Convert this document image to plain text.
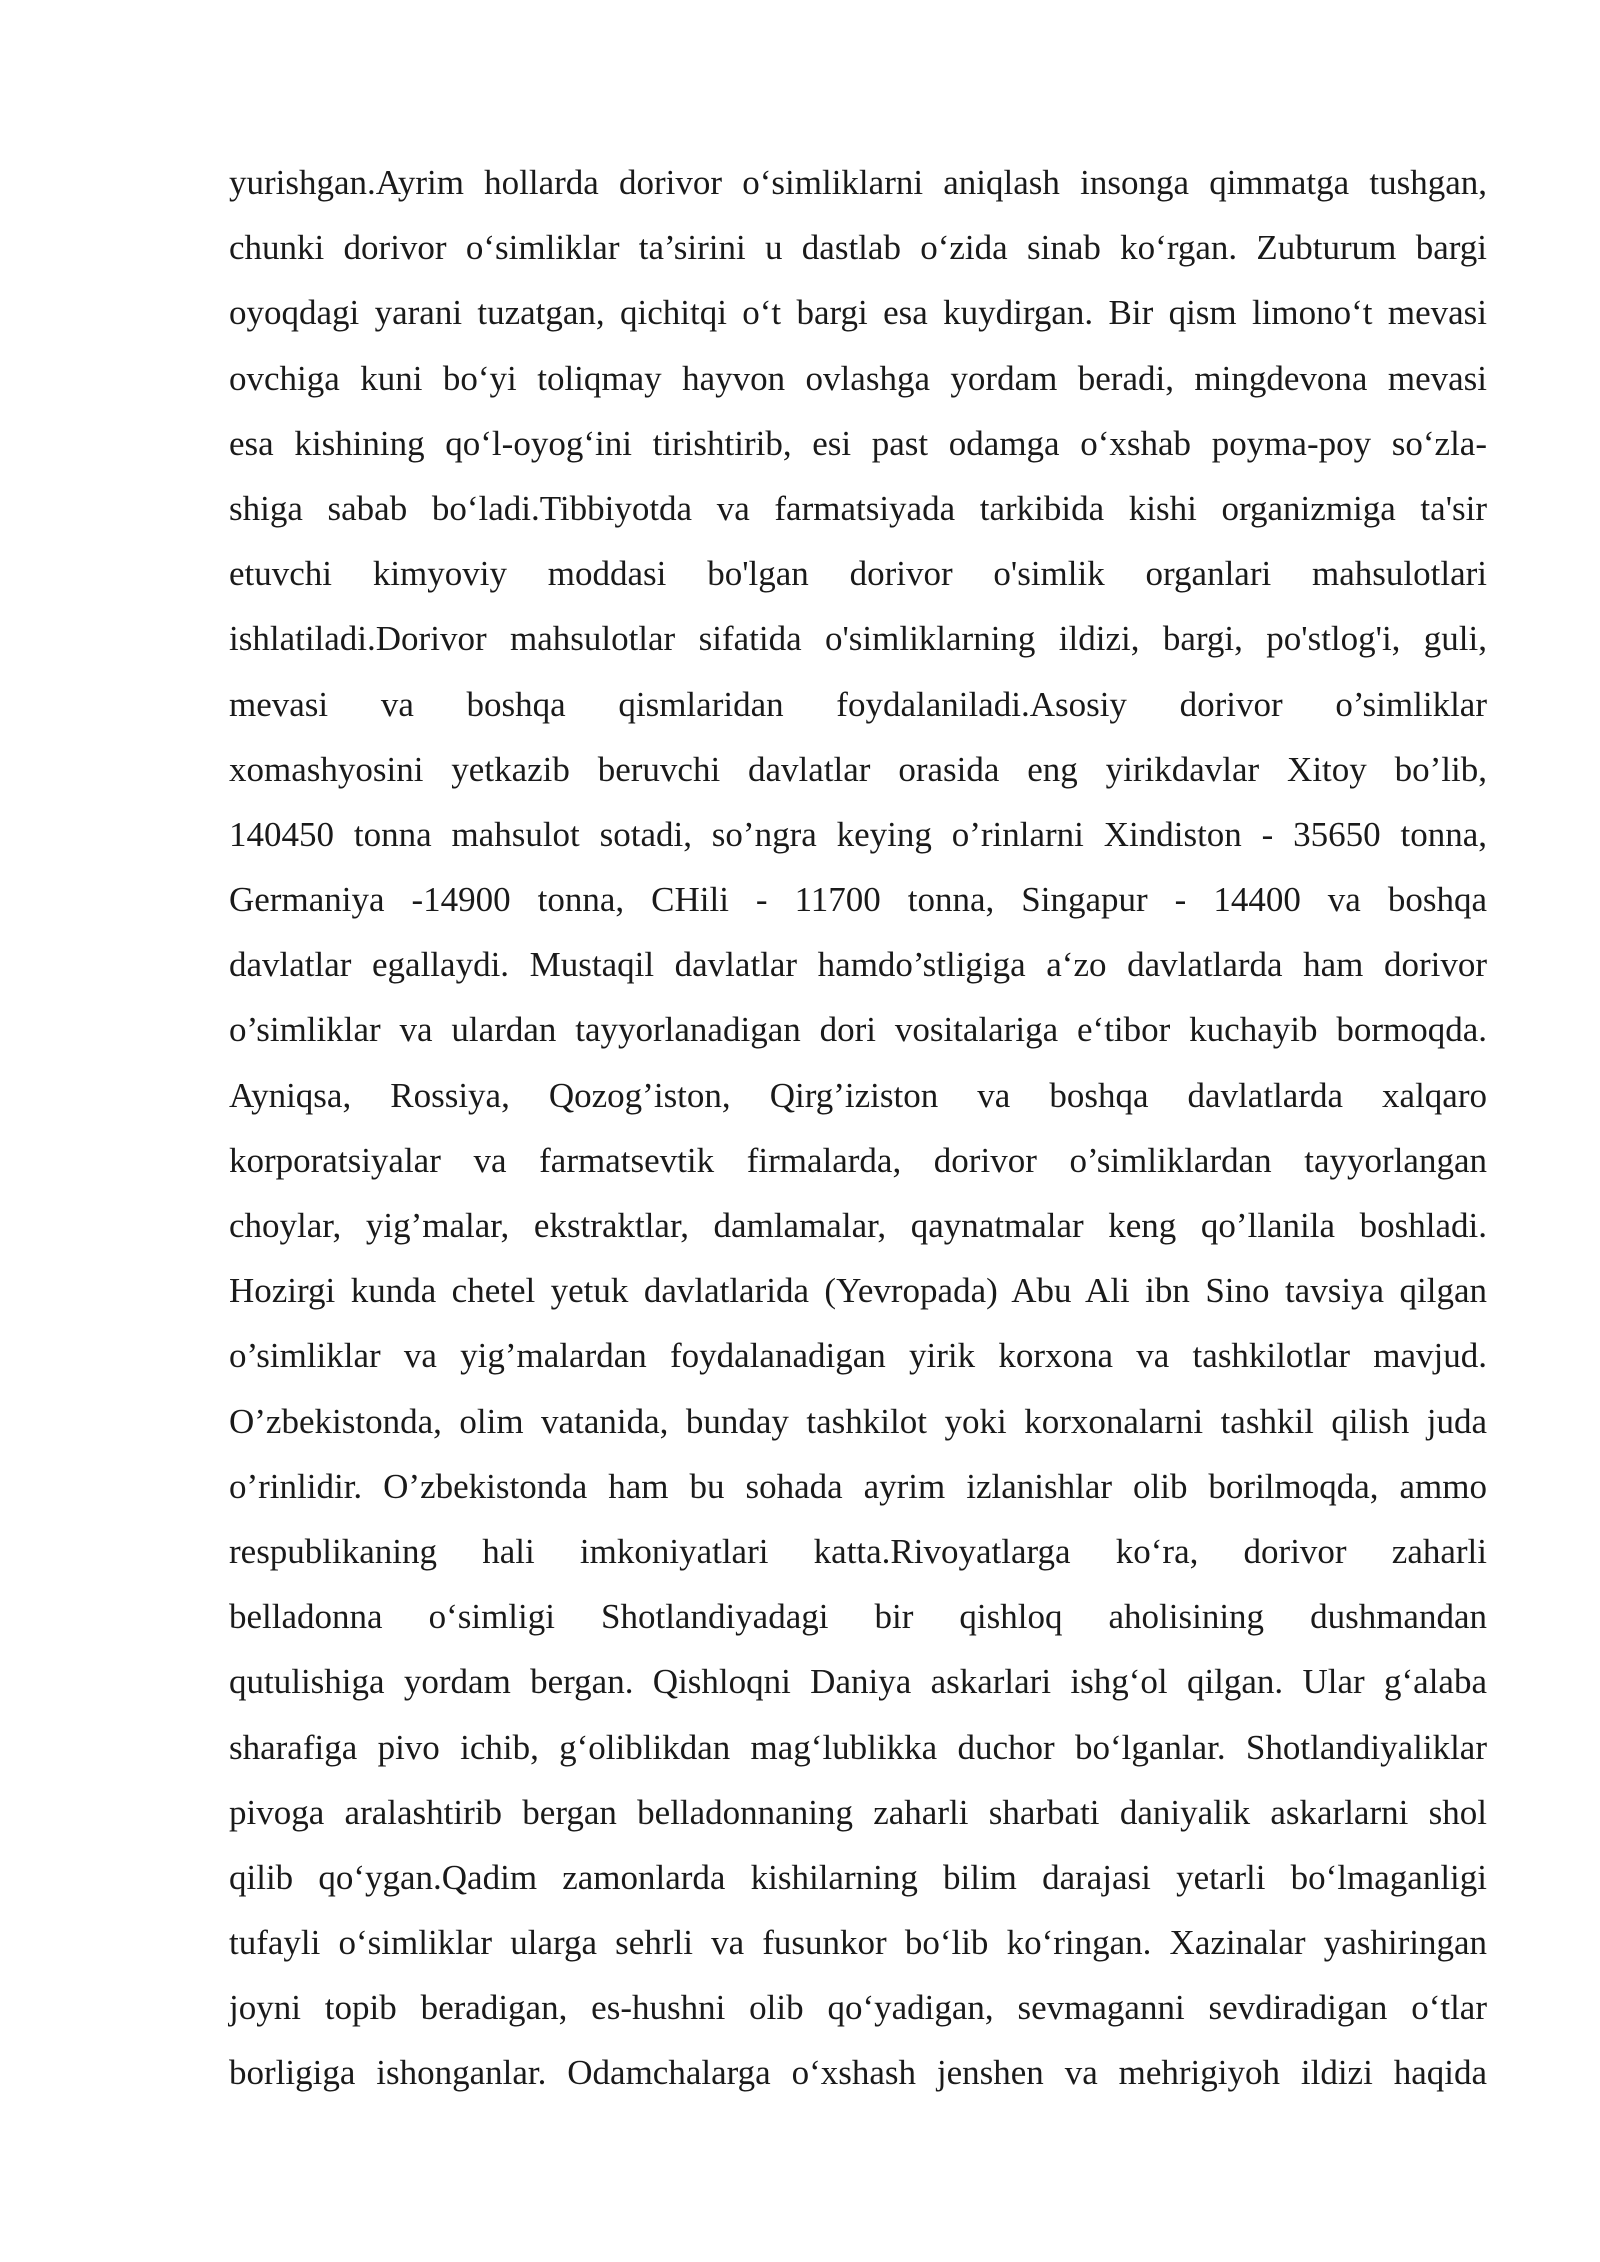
yurishgan.Ayrim hollarda dorivor o‘simliklarni aniqlash insonga qimmatga tushgan,
chunki dorivor o‘simliklar ta’sirini u dastlab o‘zida sinab ko‘rgan. Zubturum bargi
oyoqdagi yarani tuzatgan, qichitqi o‘t bargi esa kuydirgan. Bir qism limono‘t mevasi
ovchiga kuni bo‘yi toliqmay hayvon ovlashga yordam beradi, mingdevona mevasi
esa kishining qo‘l-oyog‘ini tirishtirib, esi past odamga o‘xshab poyma-poy so‘zla-
shiga sabab bo‘ladi.Tibbiyotda va farmatsiyada tarkibida kishi organizmiga ta'sir
etuvchi kimyoviy moddasi bo'lgan dorivor o'simlik organlari mahsulotlari
ishlatiladi.Dorivor mahsulotlar sifatida o'simliklarning ildizi, bargi, po'stlog'i, guli,
mevasi va boshqa qismlaridan foydalaniladi.Asosiy dorivor o’simliklar
xomashyosini yetkazib beruvchi davlatlar orasida eng yirikdavlar Xitoy bo’lib,
140450 tonna mahsulot sotadi, so’ngra keying o’rinlarni Xindiston - 35650 tonna,
Germaniya -14900 tonna, CHili - 11700 tonna, Singapur - 14400 va boshqa
davlatlar egallaydi. Mustaqil davlatlar hamdo’stligiga a‘zo davlatlarda ham dorivor
o’simliklar va ulardan tayyorlanadigan dori vositalariga e‘tibor kuchayib bormoqda.
Ayniqsa, Rossiya, Qozog’iston, Qirg’iziston va boshqa davlatlarda xalqaro
korporatsiyalar va farmatsevtik firmalarda, dorivor o’simliklardan tayyorlangan
choylar, yig’malar, ekstraktlar, damlamalar, qaynatmalar keng qo’llanila boshladi.
Hozirgi kunda chetel yetuk davlatlarida (Yevropada) Abu Ali ibn Sino tavsiya qilgan
o’simliklar va yig’malardan foydalanadigan yirik korxona va tashkilotlar mavjud.
O’zbekistonda, olim vatanida, bunday tashkilot yoki korxonalarni tashkil qilish juda
o’rinlidir. O’zbekistonda ham bu sohada ayrim izlanishlar olib borilmoqda, ammo
respublikaning hali imkoniyatlari katta.Rivoyatlarga ko‘ra, dorivor zaharli
belladonna o‘simligi Shotlandiyadagi bir qishloq aholisining dushmandan
qutulishiga yordam bergan. Qishloqni Daniya askarlari ishg‘ol qilgan. Ular g‘alaba
sharafiga pivo ichib, g‘oliblikdan mag‘lublikka duchor bo‘lganlar. Shotlandiyaliklar
pivoga aralashtirib bergan belladonnaning zaharli sharbati daniyalik askarlarni shol
qilib qo‘ygan.Qadim zamonlarda kishilarning bilim darajasi yetarli bo‘lmaganligi
tufayli o‘simliklar ularga sehrli va fusunkor bo‘lib ko‘ringan. Xazinalar yashiringan
joyni topib beradigan, es-hushni olib qo‘yadigan, sevmaganni sevdiradigan o‘tlar
borligiga ishonganlar. Odamchalarga o‘xshash jenshen va mehrigiyoh ildizi haqida
